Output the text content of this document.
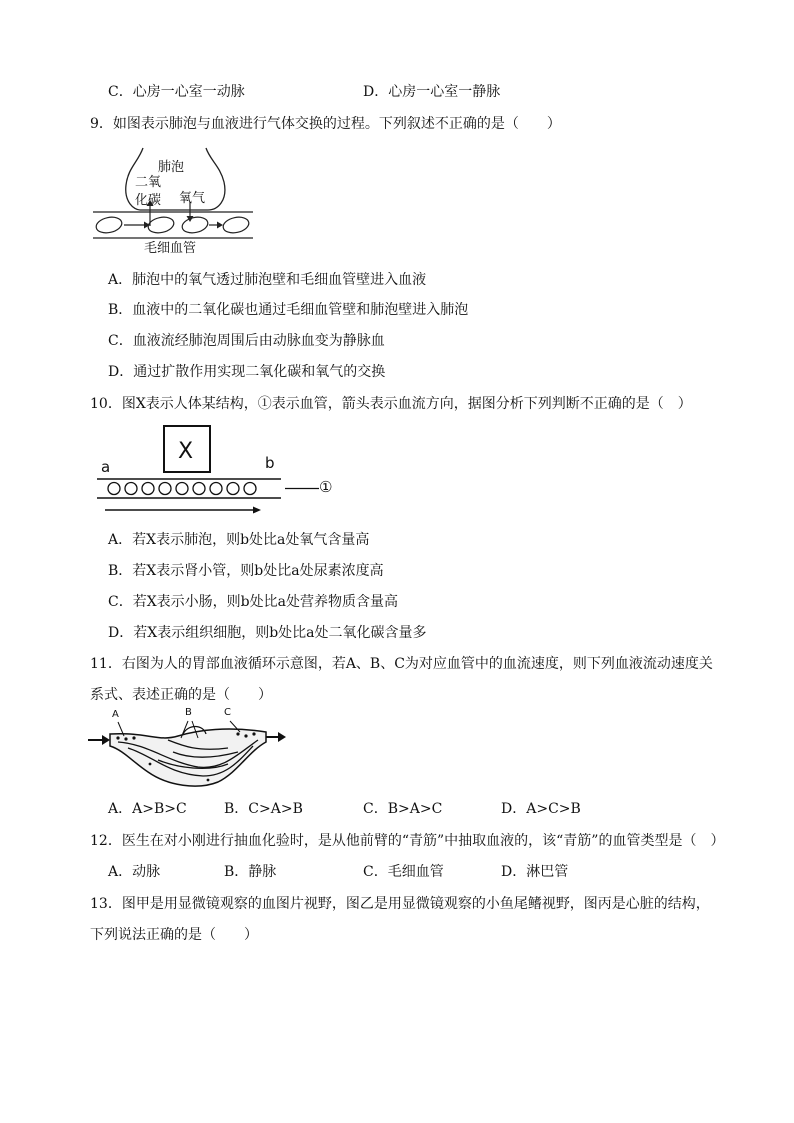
C．心房一心室一动脉	D．心房一心室一静脉
9．如图表示肺泡与血液进行气体交换的过程。下列叙述不正确的是（　　）
肺泡
二氧
化碳 氧气
毛细血管
A．肺泡中的氧气透过肺泡壁和毛细血管壁进入血液
B．血液中的二氧化碳也通过毛细血管壁和肺泡壁进入肺泡
C．血液流经肺泡周围后由动脉血变为静脉血
D．通过扩散作用实现二氧化碳和氧气的交换
10．图X表示人体某结构，①表示血管，箭头表示血流方向，据图分析下列判断不正确的是（　）
X
a	b
①
A．若X表示肺泡，则b处比a处氧气含量高
B．若X表示肾小管，则b处比a处尿素浓度高
C．若X表示小肠，则b处比a处营养物质含量高
D．若X表示组织细胞，则b处比a处二氧化碳含量多
11．右图为人的胃部血液循环示意图，若A、B、C为对应血管中的血流速度，则下列血液流动速度关
系式、表述正确的是（　　）
A	B	C
A．A>B>C	B．C>A>B	C．B>A>C	D．A>C>B
12．医生在对小刚进行抽血化验时，是从他前臂的“青筋”中抽取血液的，该“青筋”的血管类型是（　）
A．动脉	B．静脉	C．毛细血管	D．淋巴管
13．图甲是用显微镜观察的血图片视野，图乙是用显微镜观察的小鱼尾鳍视野，图丙是心脏的结构，
下列说法正确的是（　　）
